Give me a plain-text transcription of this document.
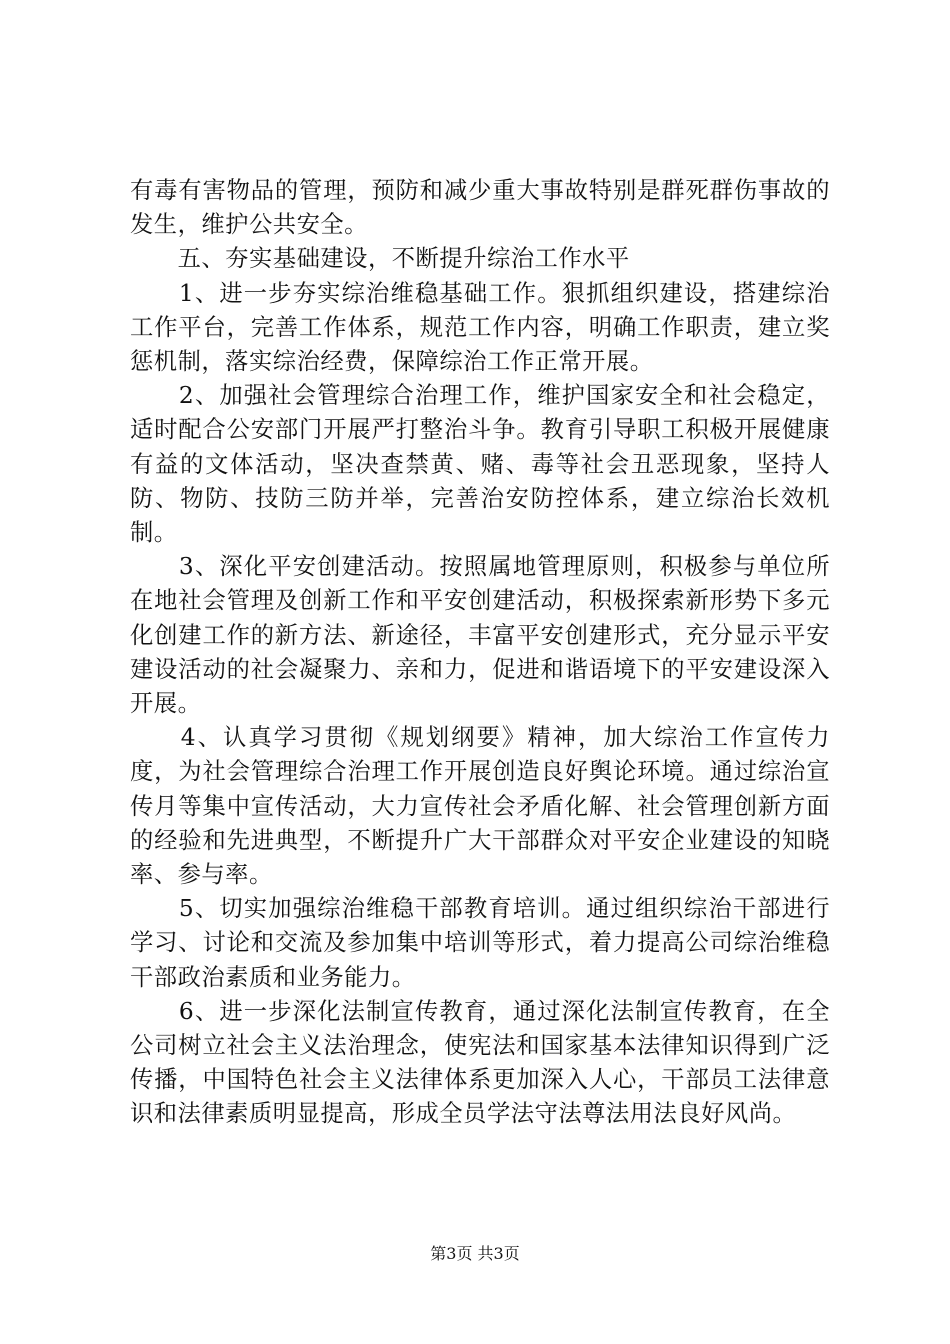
有毒有害物品的管理，预防和减少重大事故特别是群死群伤事故的发生，维护公共安全。

　　五、夯实基础建设，不断提升综治工作水平

　　1、进一步夯实综治维稳基础工作。狠抓组织建设，搭建综治工作平台，完善工作体系，规范工作内容，明确工作职责，建立奖惩机制，落实综治经费，保障综治工作正常开展。

　　2、加强社会管理综合治理工作，维护国家安全和社会稳定，适时配合公安部门开展严打整治斗争。教育引导职工积极开展健康有益的文体活动，坚决查禁黄、赌、毒等社会丑恶现象，坚持人防、物防、技防三防并举，完善治安防控体系，建立综治长效机制。

　　3、深化平安创建活动。按照属地管理原则，积极参与单位所在地社会管理及创新工作和平安创建活动，积极探索新形势下多元化创建工作的新方法、新途径，丰富平安创建形式，充分显示平安建设活动的社会凝聚力、亲和力，促进和谐语境下的平安建设深入开展。

　　4、认真学习贯彻《规划纲要》精神，加大综治工作宣传力度，为社会管理综合治理工作开展创造良好舆论环境。通过综治宣传月等集中宣传活动，大力宣传社会矛盾化解、社会管理创新方面的经验和先进典型，不断提升广大干部群众对平安企业建设的知晓率、参与率。

　　5、切实加强综治维稳干部教育培训。通过组织综治干部进行学习、讨论和交流及参加集中培训等形式，着力提高公司综治维稳干部政治素质和业务能力。

　　6、进一步深化法制宣传教育，通过深化法制宣传教育，在全公司树立社会主义法治理念，使宪法和国家基本法律知识得到广泛传播，中国特色社会主义法律体系更加深入人心，干部员工法律意识和法律素质明显提高，形成全员学法守法尊法用法良好风尚。

第3页 共3页
